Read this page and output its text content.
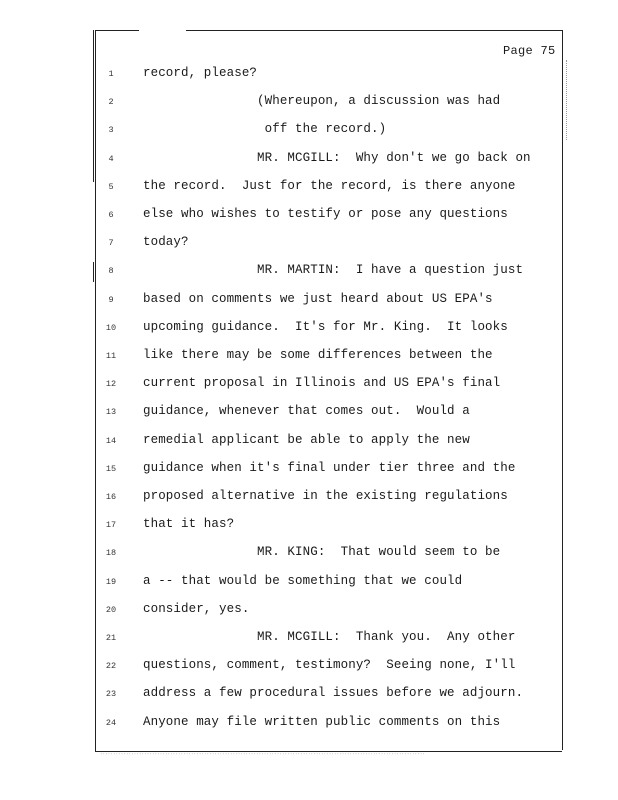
Page 75
1	record, please?
2	(Whereupon, a discussion was had
3	off the record.)
4	MR. MCGILL:  Why don't we go back on
5	the record.  Just for the record, is there anyone
6	else who wishes to testify or pose any questions
7	today?
8	MR. MARTIN:  I have a question just
9	based on comments we just heard about US EPA's
10	upcoming guidance.  It's for Mr. King.  It looks
11	like there may be some differences between the
12	current proposal in Illinois and US EPA's final
13	guidance, whenever that comes out.  Would a
14	remedial applicant be able to apply the new
15	guidance when it's final under tier three and the
16	proposed alternative in the existing regulations
17	that it has?
18	MR. KING:  That would seem to be
19	a -- that would be something that we could
20	consider, yes.
21	MR. MCGILL:  Thank you.  Any other
22	questions, comment, testimony?  Seeing none, I'll
23	address a few procedural issues before we adjourn.
24	Anyone may file written public comments on this
·····························································································································
